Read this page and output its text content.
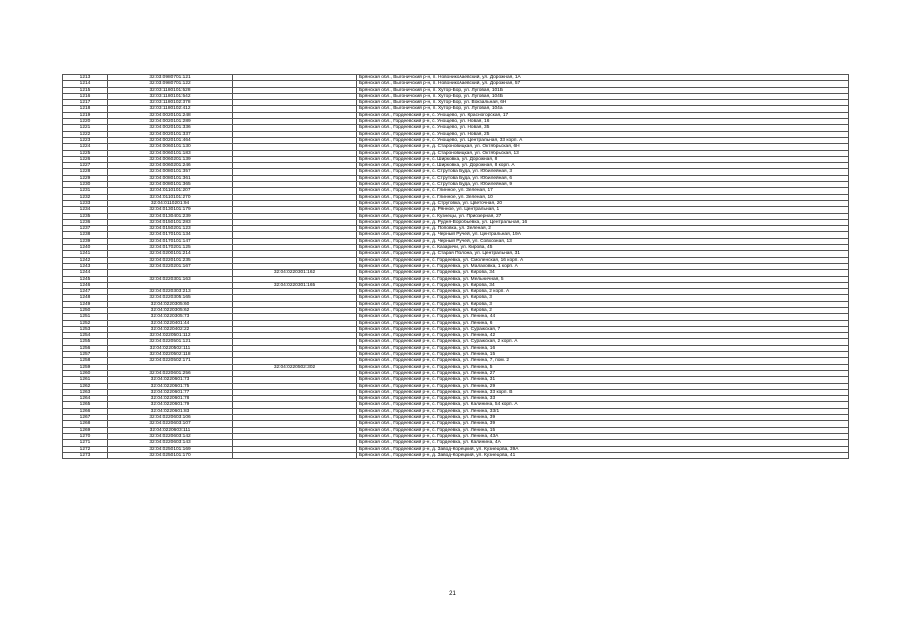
1213	32:03:0980701:121		Брянская обл., Выгоничский р-н, п. Новоникολаевский, ул. Дорожная, 1А
1214	32:03:0980701:122		Брянская обл., Выгоничский р-н, п. Новоникολаевский, ул. Дорожная, 57
1215	32:03:1180101:528		Брянская обл., Выгоничский р-н, п. Хутор-Бор, ул. Луговая, 101Б
1216	32:03:1180101:542		Брянская обл., Выгоничский р-н, п. Хутор-Бор, ул. Луговая, 104Б
1217	32:03:1180102:378		Брянская обл., Выгоничский р-н, п. Хутор-Бор, ул. Вокзальная, 6Н
1218	32:03:1180102:412		Брянская обл., Выгоничский р-н, п. Хутор-Бор, ул. Луговая, 104а
1219	32:04:0020101:248		Брянская обл., Гордеевский р-н, с. Унощево, ул. Красногорская, 17
1220	32:04:0020101:289		Брянская обл., Гордеевский р-н, с. Унощево, ул. Новая, 16
1221	32:04:0020101:336		Брянская обл., Гордеевский р-н, с. Унощево, ул. Новая, 35
1222	32:04:0020101:337		Брянская обл., Гордеевский р-н, с. Унощево, ул. Новая, 25
1223	32:04:0020101:464		Брянская обл., Гордеевский р-н, с. Унощево, ул. Центральная, 33 корп. А
1224	32:04:0060101:130		Брянская обл., Гордеевский р-н, д. Староновицкая, ул. Октябрьская, 6Н
1225	32:04:0060101:183		Брянская обл., Гордеевский р-н, д. Староновицкая, ул. Октябрьская, 13
1226	32:04:0060201:139		Брянская обл., Гордеевский р-н, с. Ширковка, ул. Дорожная, 8
1227	32:04:0060201:246		Брянская обл., Гордеевский р-н, с. Ширковка, ул. Дорожная, 8 корп. А
1228	32:04:0080101:357		Брянская обл., Гордеевский р-н, с. Струтова Буда, ул. Юбилейная, 3
1229	32:04:0080101:361		Брянская обл., Гордеевский р-н, с. Струтова Буда, ул. Юбилейная, 6
1230	32:04:0080101:365		Брянская обл., Гордеевский р-н, с. Струтова Буда, ул. Юбилейная, 9
1231	32:04:0110101:207		Брянская обл., Гордеевский р-н, с. Глинное, ул. Зеленая, 17
1232	32:04:0110101:270		Брянская обл., Гордеевский р-н, с. Глинное, ул. Зеленая, 10
1233	32:04:0110201:94		Брянская обл., Гордеевский р-н, д. Струговка, ул. Цветочная, 20
1234	32:04:0130101:179		Брянская обл., Гордеевский р-н, д. Рянное, ул. Центральная, 1
1235	32:04:0130401:239		Брянская обл., Гордеевский р-н, с. Кузнецы, ул. Приозерная, 27
1236	32:04:0150101:283		Брянская обл., Гордеевский р-н, д. Рудня-Воробьевка, ул. Центральная, 16
1237	32:04:0150201:123		Брянская обл., Гордеевский р-н, д. Поповка, ул. Зеленая, 2
1238	32:04:0170101:134		Брянская обл., Гордеевский р-н, д. Черный Ручей, ул. Центральная, 19А
1239	32:04:0170101:147		Брянская обл., Гордеевский р-н, д. Черный Ручей, ул. Совхозная, 13
1240	32:04:0170201:125		Брянская обл., Гордеевский р-н, с. Казаричи, ул. Кирова, 45
1241	32:04:0200101:214		Брянская обл., Гордеевский р-н, д. Старая Полона, ул. Центральная, 31
1242	32:04:0220101:235		Брянская обл., Гордеевский р-н, с. Гордеевка, ул. Смоленская, 16 корп. А
1243	32:04:0220201:167		Брянская обл., Гордеевский р-н, с. Гордеевка, ул. Малаховка, 1 корп. А
1244		32:04:0220301:162	Брянская обл., Гордеевский р-н, с. Гордеевка, ул. Кирова, 34
1245	32:04:0220301:163		Брянская обл., Гордеевский р-н, с. Гордеевка, ул. Мельничная, 5
1246		32:04:0220301:165	Брянская обл., Гордеевский р-н, с. Гордеевка, ул. Кирова, 34
1247	32:04:0220303:213		Брянская обл., Гордеевский р-н, с. Гордеевка, ул. Кирова, 2 корп. А
1248	32:04:0220305:165		Брянская обл., Гордеевский р-н, с. Гордеевка, ул. Кирова, 3
1249	32:04:0220305:60		Брянская обл., Гордеевский р-н, с. Гордеевка, ул. Кирова, 3
1250	32:04:0220305:62		Брянская обл., Гордеевский р-н, с. Гордеевка, ул. Кирова, 2
1251	32:04:0220305:73		Брянская обл., Гордеевский р-н, с. Гордеевка, ул. Ленина, 44
1252	32:04:0220401:44		Брянская обл., Гордеевский р-н, с. Гордеевка, ул. Ленина, 6
1253	32:04:0220402:22		Брянская обл., Гордеевский р-н, с. Гордеевка, ул. Суражская, 7
1254	32:04:0220501:112		Брянская обл., Гордеевский р-н, с. Гордеевка, ул. Ленина, 42
1255	32:04:0220501:121		Брянская обл., Гордеевский р-н, с. Гордеевка, ул. Суражская, 2 корп. А
1256	32:04:0220502:111		Брянская обл., Гордеевский р-н, с. Гордеевка, ул. Ленина, 16
1257	32:04:0220502:118		Брянская обл., Гордеевский р-н, с. Гордеевка, ул. Ленина, 15
1258	32:04:0220502:171		Брянская обл., Гордеевский р-н, с. Гордеевка, ул. Ленина, 7, пом. 2
1259		32:04:0220502:302	Брянская обл., Гордеевский р-н, с. Гордеевка, ул. Ленина, 5
1260	32:04:0220601:256		Брянская обл., Гордеевский р-н, с. Гордеевка, ул. Ленина, 27
1261	32:04:0220601:73		Брянская обл., Гордеевский р-н, с. Гордеевка, ул. Ленина, 31
1262	32:04:0220601:75		Брянская обл., Гордеевский р-н, с. Гордеевка, ул. Ленина, 29
1263	32:04:0220601:77		Брянская обл., Гордеевский р-н, с. Гордеевка, ул. Ленина, 33 корп. В
1264	32:04:0220601:78		Брянская обл., Гордеевский р-н, с. Гордеевка, ул. Ленина, 33
1265	32:04:0220601:79		Брянская обл., Гордеевский р-н, с. Гордеевка, ул. Калинина, 54 корп. А
1266	32:04:0220601:83		Брянская обл., Гордеевский р-н, с. Гордеевка, ул. Ленина, 33/1
1267	32:04:0220603:106		Брянская обл., Гордеевский р-н, с. Гордеевка, ул. Ленина, 39
1268	32:04:0220603:107		Брянская обл., Гордеевский р-н, с. Гордеевка, ул. Ленина, 39
1269	32:04:0220603:111		Брянская обл., Гордеевский р-н, с. Гордеевка, ул. Ленина, 15
1270	32:04:0220603:142		Брянская обл., Гордеевский р-н, с. Гордеевка, ул. Ленина, 43А
1271	32:04:0220603:143		Брянская обл., Гордеевский р-н, с. Гордеевка, ул. Калинина, 4А
1272	32:04:0250101:169		Брянская обл., Гордеевский р-н, д. Завод-Корецкий, ул. Кузнецова, 39А
1273	32:04:0250101:170		Брянская обл., Гордеевский р-н, д. Завод-Корецкий, ул. Кузнецова, 41
21
